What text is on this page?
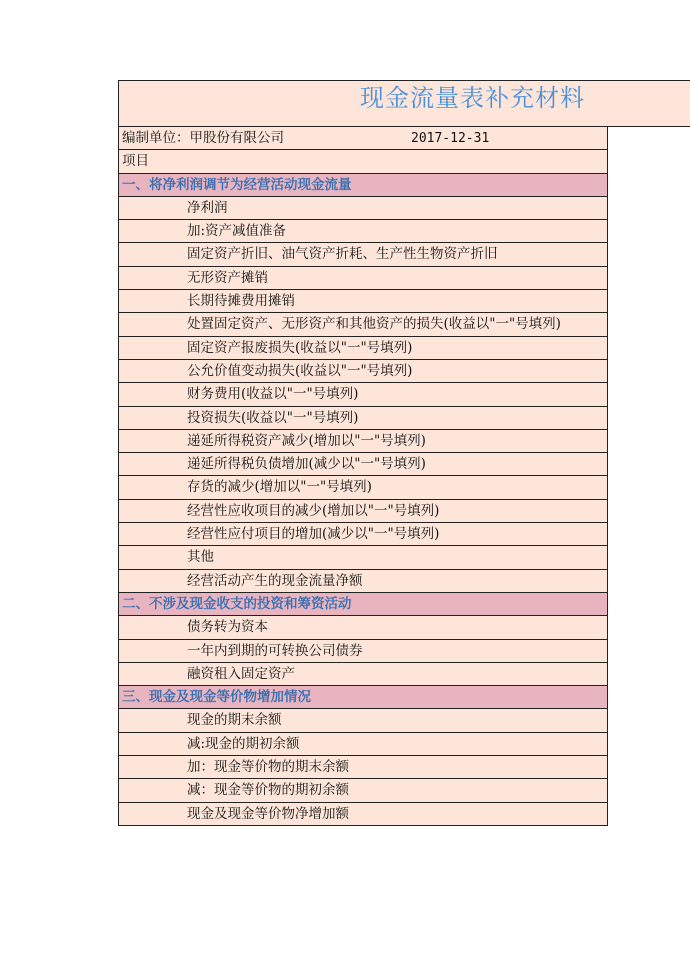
现金流量表补充材料
编制单位：甲股份有限公司	2017-12-31
项目
一、将净利润调节为经营活动现金流量
净利润
加:资产减值准备
固定资产折旧、油气资产折耗、生产性生物资产折旧
无形资产摊销
长期待摊费用摊销
处置固定资产、无形资产和其他资产的损失(收益以"一"号填列)
固定资产报废损失(收益以"一"号填列)
公允价值变动损失(收益以"一"号填列)
财务费用(收益以"一"号填列)
投资损失(收益以"一"号填列)
递延所得税资产减少(增加以"一"号填列)
递延所得税负债增加(减少以"一"号填列)
存货的减少(增加以"一"号填列)
经营性应收项目的减少(增加以"一"号填列)
经营性应付项目的增加(减少以"一"号填列)
其他
经营活动产生的现金流量净额
二、不涉及现金收支的投资和筹资活动
债务转为资本
一年内到期的可转换公司债券
融资租入固定资产
三、现金及现金等价物增加情况
现金的期末余额
减:现金的期初余额
加：现金等价物的期末余额
减：现金等价物的期初余额
现金及现金等价物净增加额
